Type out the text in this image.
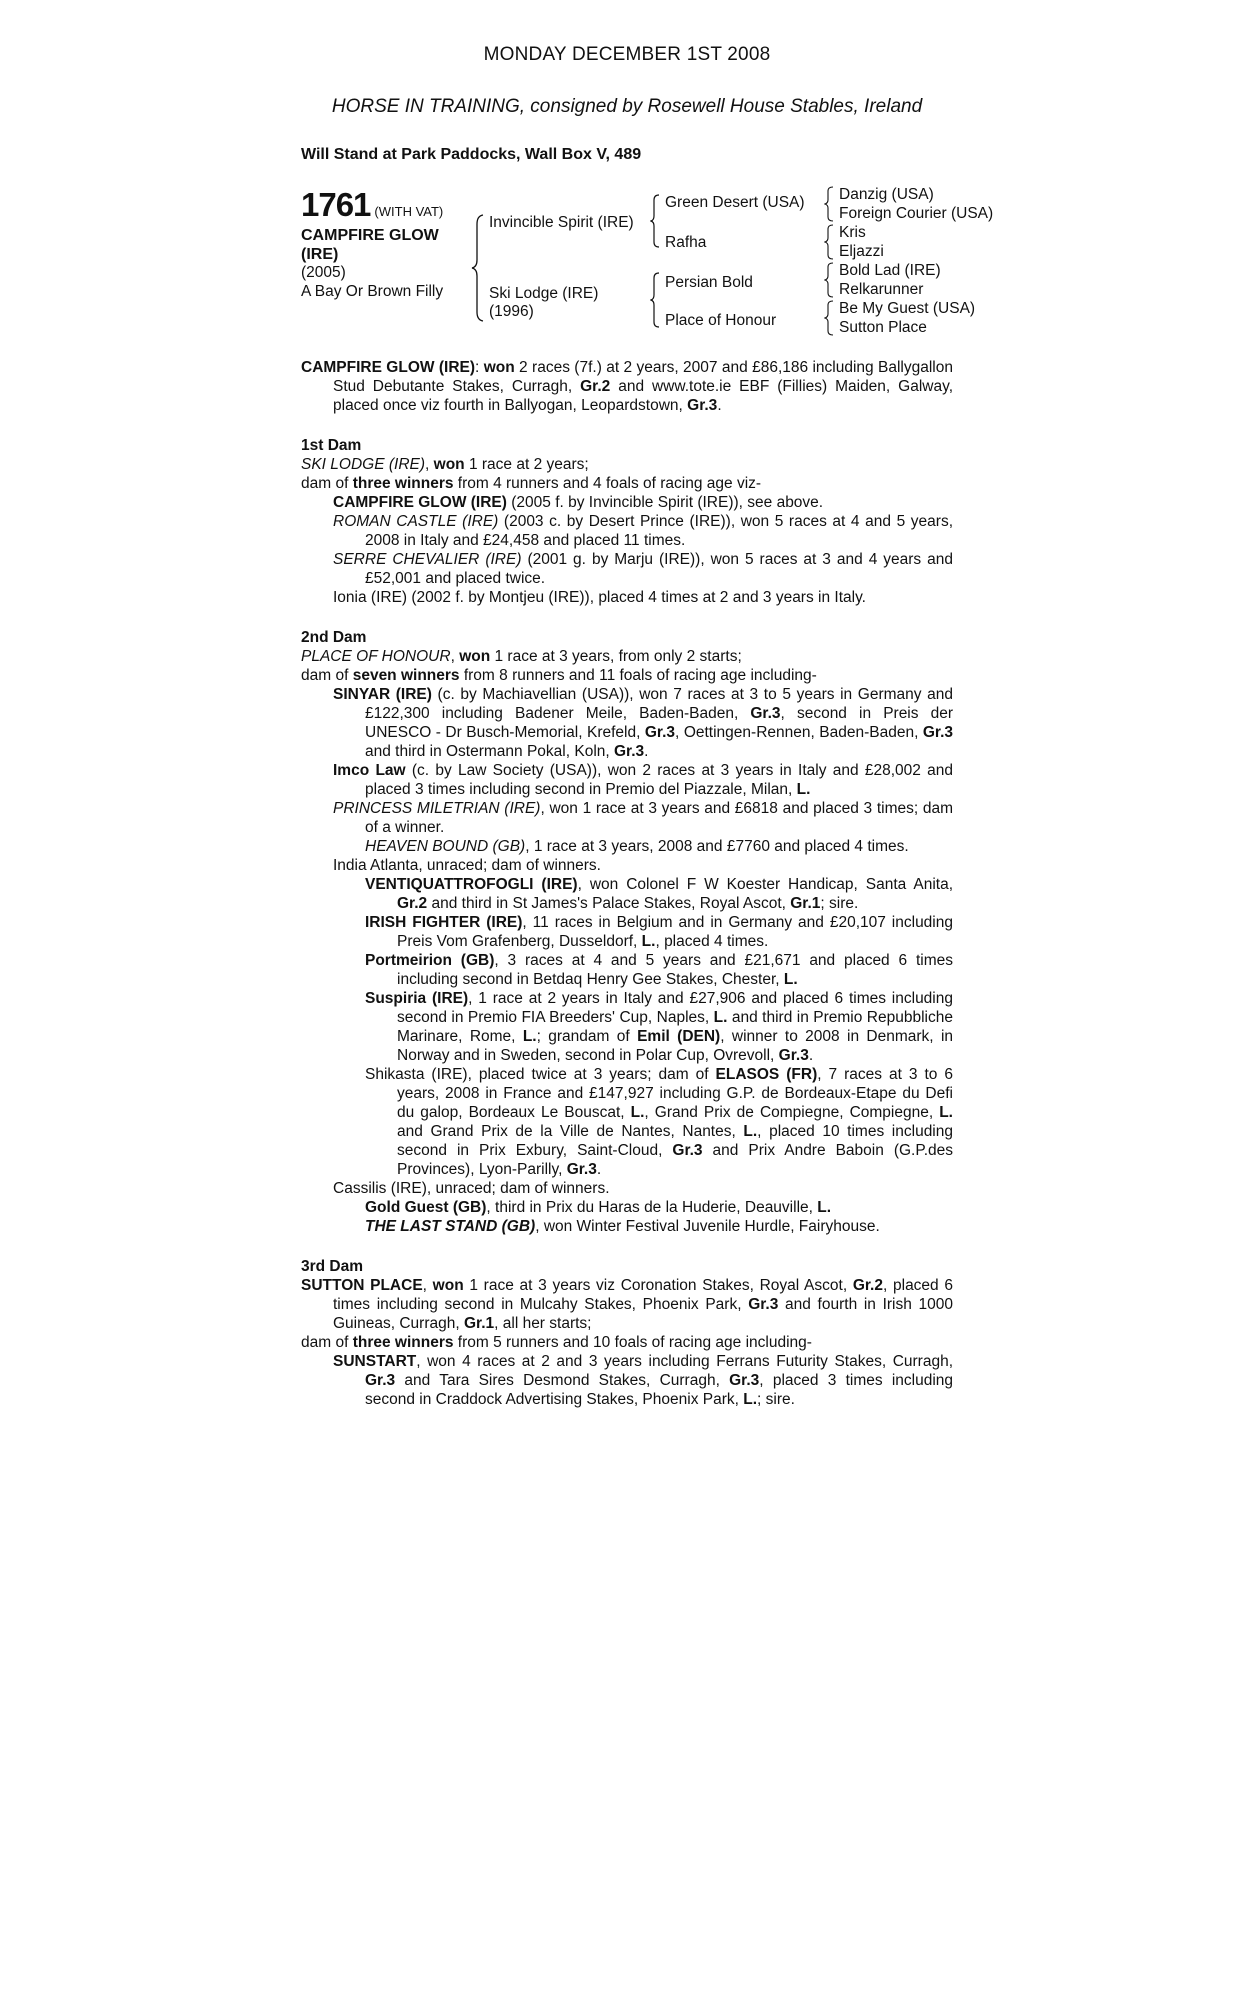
MONDAY DECEMBER 1ST 2008
HORSE IN TRAINING, consigned by Rosewell House Stables, Ireland
Will Stand at Park Paddocks, Wall Box V, 489
1761 (WITH VAT)
CAMPFIRE GLOW (IRE)
(2005)
A Bay Or Brown Filly
Invincible Spirit (IRE)
Ski Lodge (IRE)
(1996)
Green Desert (USA)
Rafha
Persian Bold
Place of Honour
Danzig (USA)
Foreign Courier (USA)
Kris
Eljazzi
Bold Lad (IRE)
Relkarunner
Be My Guest (USA)
Sutton Place

CAMPFIRE GLOW (IRE): won 2 races (7f.) at 2 years, 2007 and £86,186 including Ballygallon Stud Debutante Stakes, Curragh, Gr.2 and www.tote.ie EBF (Fillies) Maiden, Galway, placed once viz fourth in Ballyogan, Leopardstown, Gr.3.

1st Dam

SKI LODGE (IRE), won 1 race at 2 years;

dam of three winners from 4 runners and 4 foals of racing age viz-

CAMPFIRE GLOW (IRE) (2005 f. by Invincible Spirit (IRE)), see above.

ROMAN CASTLE (IRE) (2003 c. by Desert Prince (IRE)), won 5 races at 4 and 5 years, 2008 in Italy and £24,458 and placed 11 times.

SERRE CHEVALIER (IRE) (2001 g. by Marju (IRE)), won 5 races at 3 and 4 years and £52,001 and placed twice.

Ionia (IRE) (2002 f. by Montjeu (IRE)), placed 4 times at 2 and 3 years in Italy.

2nd Dam

PLACE OF HONOUR, won 1 race at 3 years, from only 2 starts;

dam of seven winners from 8 runners and 11 foals of racing age including-

SINYAR (IRE) (c. by Machiavellian (USA)), won 7 races at 3 to 5 years in Germany and £122,300 including Badener Meile, Baden-Baden, Gr.3, second in Preis der UNESCO - Dr Busch-Memorial, Krefeld, Gr.3, Oettingen-Rennen, Baden-Baden, Gr.3 and third in Ostermann Pokal, Koln, Gr.3.

Imco Law (c. by Law Society (USA)), won 2 races at 3 years in Italy and £28,002 and placed 3 times including second in Premio del Piazzale, Milan, L.

PRINCESS MILETRIAN (IRE), won 1 race at 3 years and £6818 and placed 3 times; dam of a winner.

HEAVEN BOUND (GB), 1 race at 3 years, 2008 and £7760 and placed 4 times.

India Atlanta, unraced; dam of winners.

VENTIQUATTROFOGLI (IRE), won Colonel F W Koester Handicap, Santa Anita, Gr.2 and third in St James's Palace Stakes, Royal Ascot, Gr.1; sire.

IRISH FIGHTER (IRE), 11 races in Belgium and in Germany and £20,107 including Preis Vom Grafenberg, Dusseldorf, L., placed 4 times.

Portmeirion (GB), 3 races at 4 and 5 years and £21,671 and placed 6 times including second in Betdaq Henry Gee Stakes, Chester, L.

Suspiria (IRE), 1 race at 2 years in Italy and £27,906 and placed 6 times including second in Premio FIA Breeders' Cup, Naples, L. and third in Premio Repubbliche Marinare, Rome, L.; grandam of Emil (DEN), winner to 2008 in Denmark, in Norway and in Sweden, second in Polar Cup, Ovrevoll, Gr.3.

Shikasta (IRE), placed twice at 3 years; dam of ELASOS (FR), 7 races at 3 to 6 years, 2008 in France and £147,927 including G.P. de Bordeaux-Etape du Defi du galop, Bordeaux Le Bouscat, L., Grand Prix de Compiegne, Compiegne, L. and Grand Prix de la Ville de Nantes, Nantes, L., placed 10 times including second in Prix Exbury, Saint-Cloud, Gr.3 and Prix Andre Baboin (G.P.des Provinces), Lyon-Parilly, Gr.3.

Cassilis (IRE), unraced; dam of winners.

Gold Guest (GB), third in Prix du Haras de la Huderie, Deauville, L.

THE LAST STAND (GB), won Winter Festival Juvenile Hurdle, Fairyhouse.

3rd Dam

SUTTON PLACE, won 1 race at 3 years viz Coronation Stakes, Royal Ascot, Gr.2, placed 6 times including second in Mulcahy Stakes, Phoenix Park, Gr.3 and fourth in Irish 1000 Guineas, Curragh, Gr.1, all her starts;

dam of three winners from 5 runners and 10 foals of racing age including-

SUNSTART, won 4 races at 2 and 3 years including Ferrans Futurity Stakes, Curragh, Gr.3 and Tara Sires Desmond Stakes, Curragh, Gr.3, placed 3 times including second in Craddock Advertising Stakes, Phoenix Park, L.; sire.
